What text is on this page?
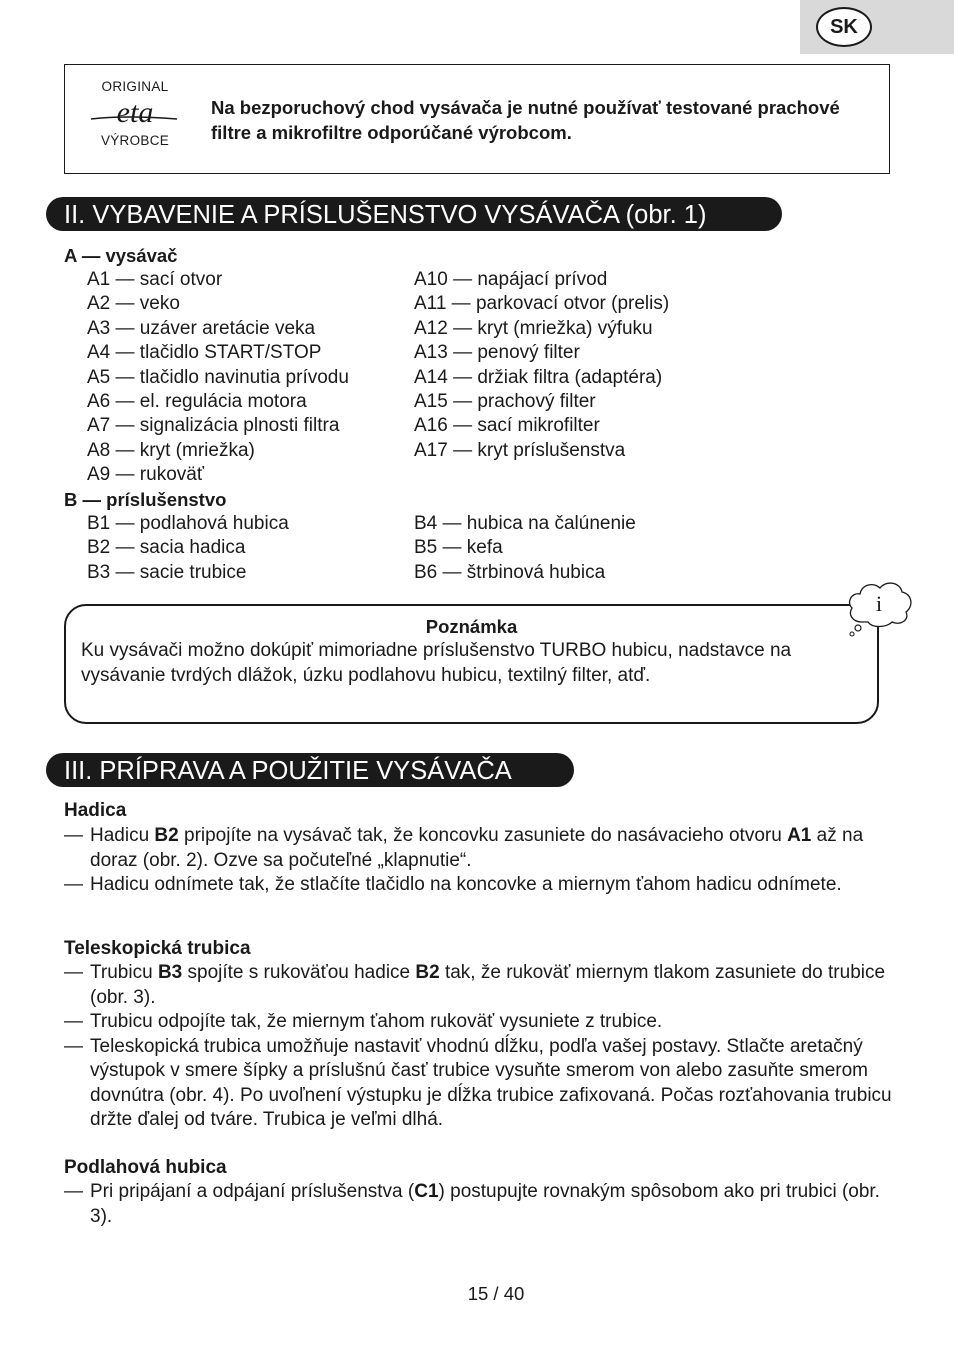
SK
ORIGINAL
eta
VÝROBCE
Na bezporuchový chod vysávača je nutné používať testované prachové filtre a mikrofiltre odporúčané výrobcom.
II. VYBAVENIE A PRÍSLUŠENSTVO VYSÁVAČA (obr. 1)
A — vysávač
A1 — sací otvor
A2 — veko
A3 — uzáver aretácie veka
A4 — tlačidlo START/STOP
A5 — tlačidlo navinutia prívodu
A6 — el. regulácia motora
A7 — signalizácia plnosti filtra
A8 — kryt (mriežka)
A9 — rukoväť
A10 — napájací prívod
A11 — parkovací otvor (prelis)
A12 — kryt (mriežka) výfuku
A13 — penový filter
A14 — držiak filtra (adaptéra)
A15 — prachový filter
A16 — sací mikrofilter
A17 — kryt príslušenstva
B — príslušenstvo
B1 — podlahová hubica
B2 — sacia hadica
B3 — sacie trubice
B4 — hubica na čalúnenie
B5 — kefa
B6 — štrbinová hubica
Poznámka
Ku vysávači možno dokúpiť mimoriadne príslušenstvo TURBO hubicu, nadstavce na vysávanie tvrdých dlážok, úzku podlahovu hubicu, textilný filter, atď.
i
III. PRÍPRAVA A POUŽITIE VYSÁVAČA
Hadica
— Hadicu B2 pripojíte na vysávač tak, že koncovku zasuniete do nasávacieho otvoru A1 až na doraz (obr. 2). Ozve sa počuteľné „klapnutie“.
— Hadicu odnímete tak, že stlačíte tlačidlo na koncovke a miernym ťahom hadicu odnímete.
Teleskopická trubica
— Trubicu B3 spojíte s rukoväťou hadice B2 tak, že rukoväť miernym tlakom zasuniete do trubice (obr. 3).
— Trubicu odpojíte tak, že miernym ťahom rukoväť vysuniete z trubice.
— Teleskopická trubica umožňuje nastaviť vhodnú dĺžku, podľa vašej postavy. Stlačte aretačný výstupok v smere šípky a príslušnú časť trubice vysuňte smerom von alebo zasuňte smerom dovnútra (obr. 4). Po uvoľnení výstupku je dĺžka trubice zafixovaná. Počas rozťahovania trubicu držte ďalej od tváre. Trubica je veľmi dlhá.
Podlahová hubica
— Pri pripájaní a odpájaní príslušenstva (C1) postupujte rovnakým spôsobom ako pri trubici (obr. 3).
15 / 40
